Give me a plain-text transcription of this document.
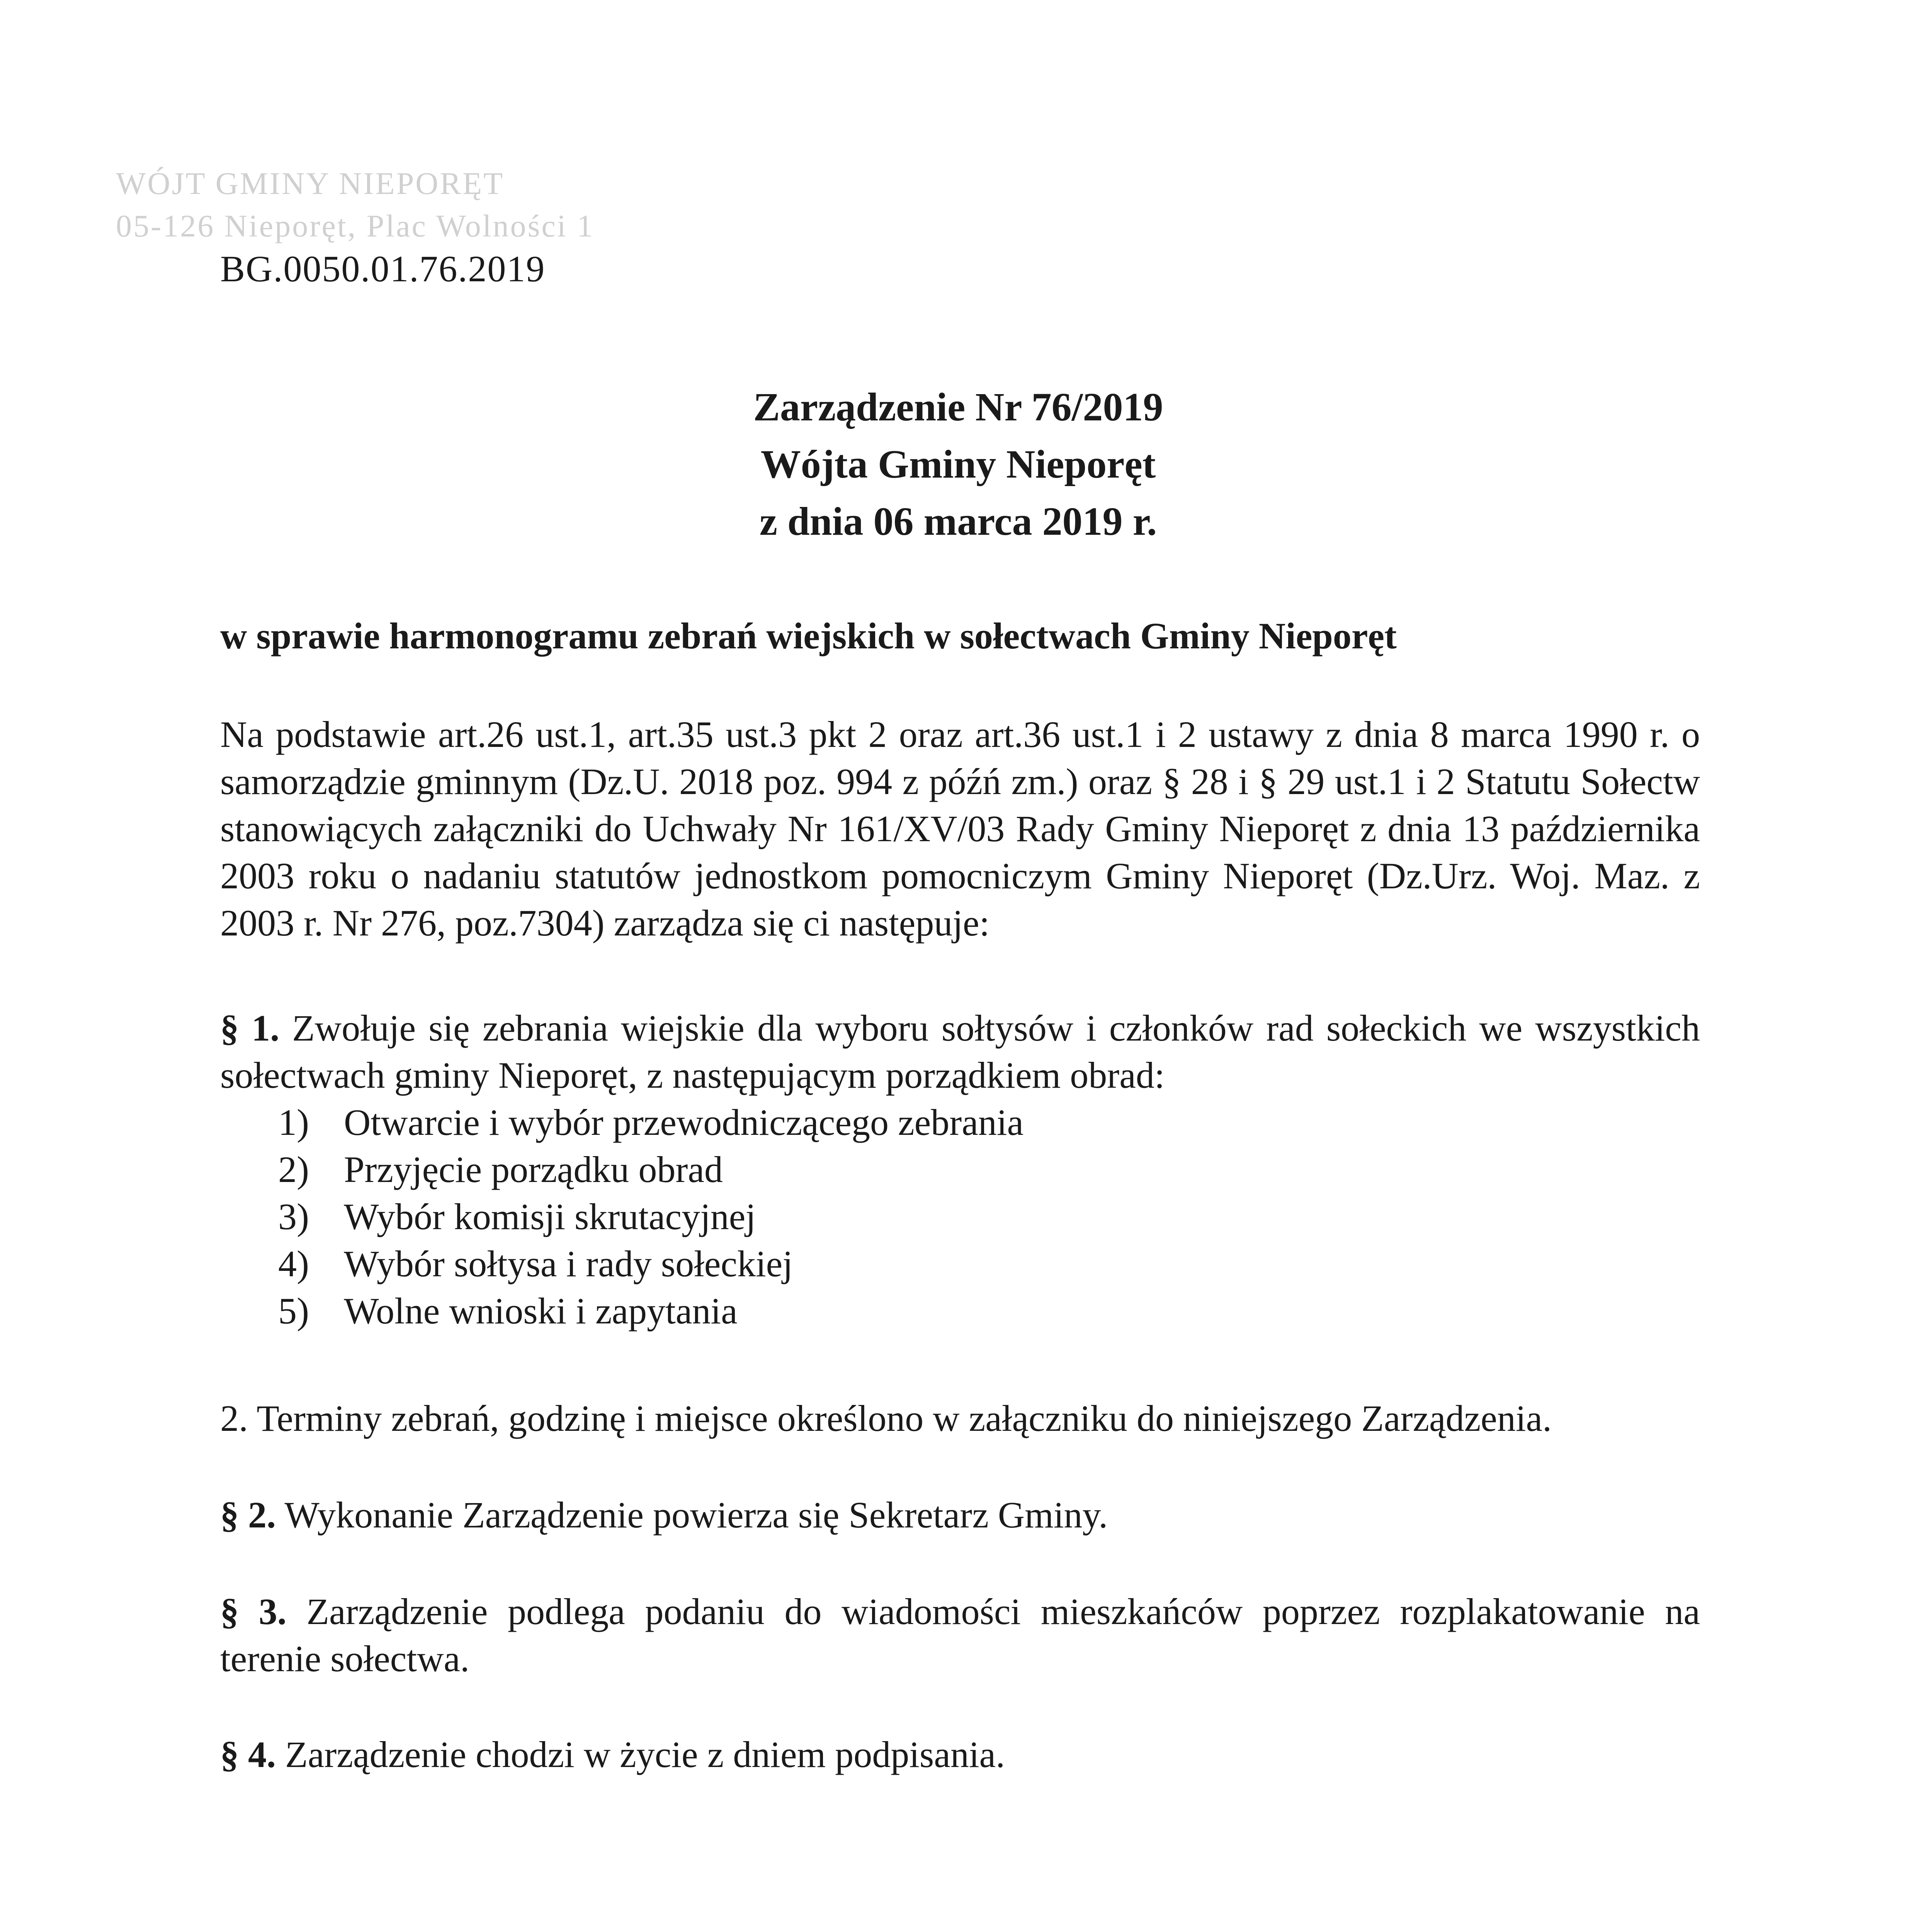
WÓJT GMINY NIEPORĘT
05-126 Nieporęt, Plac Wolności 1
BG.0050.01.76.2019
Zarządzenie Nr 76/2019
Wójta Gminy Nieporęt
z dnia 06 marca 2019 r.
w sprawie harmonogramu zebrań wiejskich w sołectwach Gminy Nieporęt
Na podstawie art.26 ust.1, art.35 ust.3 pkt 2 oraz art.36 ust.1 i 2 ustawy z dnia 8 marca 1990 r. o samorządzie gminnym (Dz.U. 2018 poz. 994 z późń zm.) oraz § 28 i § 29 ust.1 i 2 Statutu Sołectw stanowiących załączniki do Uchwały Nr 161/XV/03 Rady Gminy Nieporęt z dnia 13 października 2003 roku o nadaniu statutów jednostkom pomocniczym Gminy Nieporęt (Dz.Urz. Woj. Maz. z 2003 r. Nr 276, poz.7304) zarządza się ci następuje:
§ 1. Zwołuje się zebrania wiejskie dla wyboru sołtysów i członków rad sołeckich we wszystkich sołectwach gminy Nieporęt, z następującym porządkiem obrad:
1) Otwarcie i wybór przewodniczącego zebrania
2) Przyjęcie porządku obrad
3) Wybór komisji skrutacyjnej
4) Wybór sołtysa i rady sołeckiej
5) Wolne wnioski i zapytania
2. Terminy zebrań, godzinę i miejsce określono w załączniku do niniejszego Zarządzenia.
§ 2. Wykonanie Zarządzenie powierza się Sekretarz Gminy.
§ 3. Zarządzenie podlega podaniu do wiadomości mieszkańców poprzez rozplakatowanie na terenie sołectwa.
§ 4. Zarządzenie chodzi w życie z dniem podpisania.
